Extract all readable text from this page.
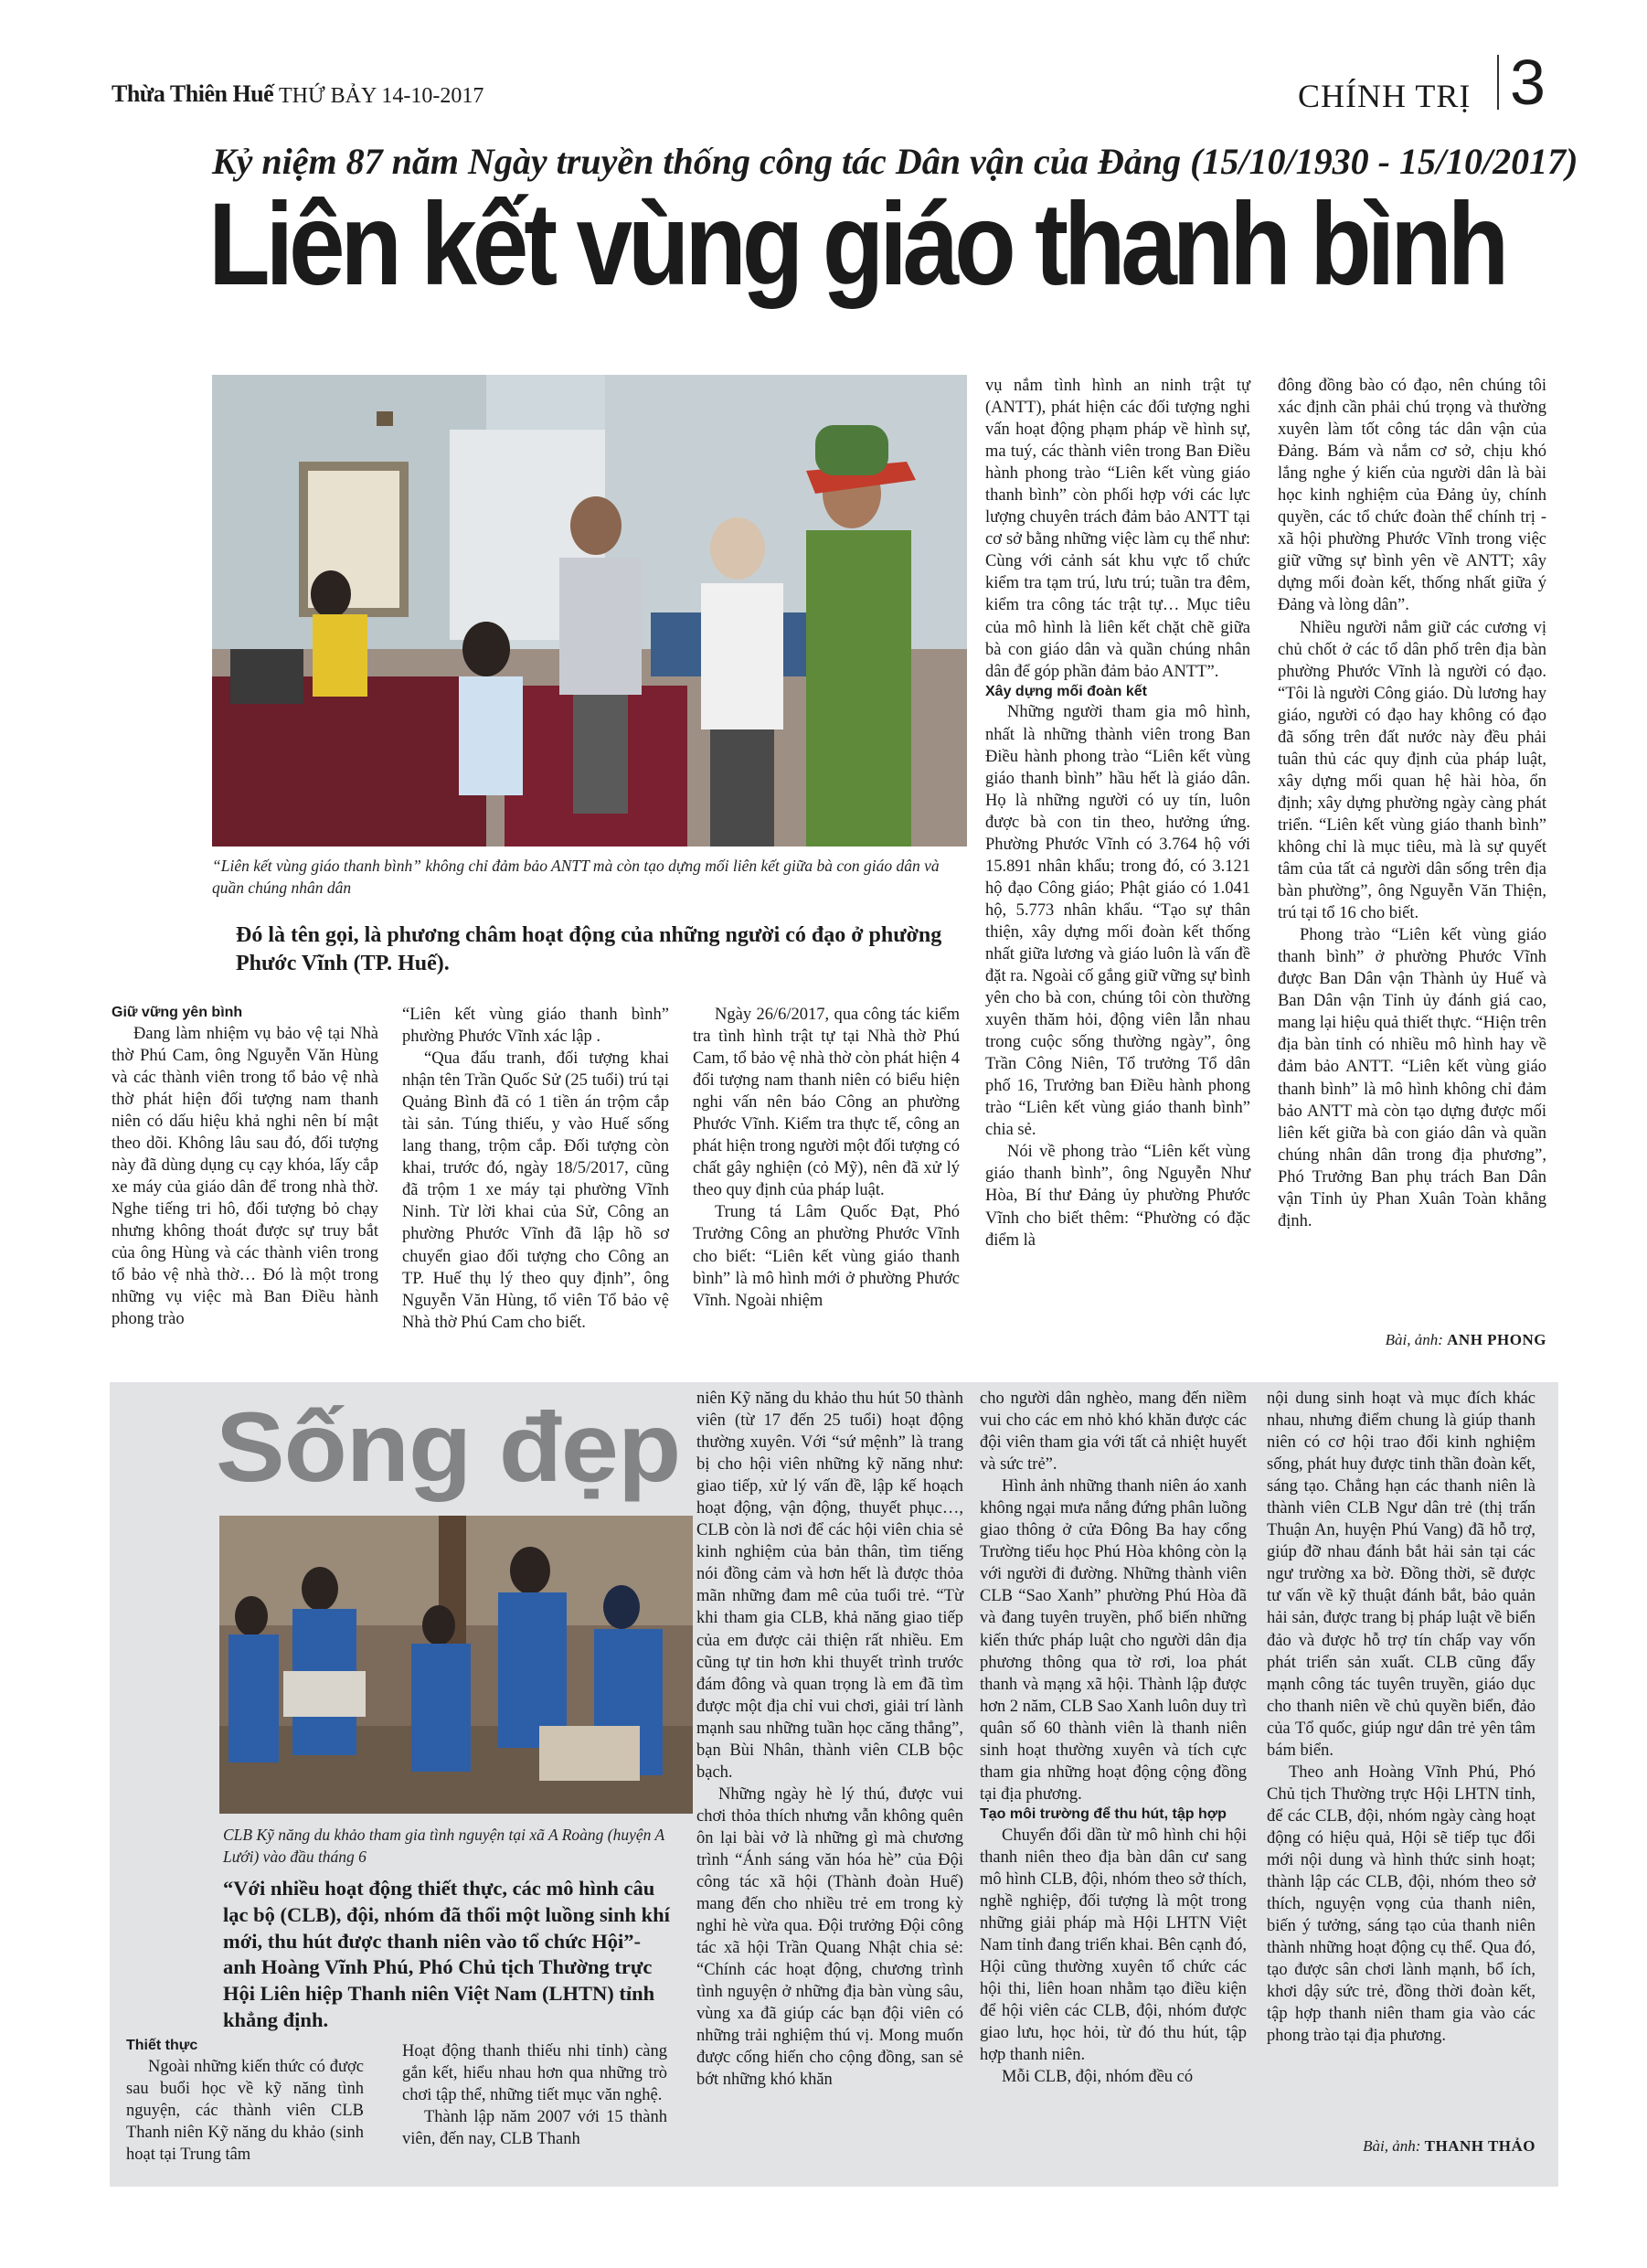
Thừa Thiên Huế THỨ BẢY 14-10-2017	CHÍNH TRỊ 3
Kỷ niệm 87 năm Ngày truyền thống công tác Dân vận của Đảng (15/10/1930 - 15/10/2017)
Liên kết vùng giáo thanh bình
“Liên kết vùng giáo thanh bình” không chỉ đảm bảo ANTT mà còn tạo dựng mối liên kết giữa bà con giáo dân và quần chúng nhân dân
Đó là tên gọi, là phương châm hoạt động của những người có đạo ở phường Phước Vĩnh (TP. Huế).

Giữ vững yên bình

Đang làm nhiệm vụ bảo vệ tại Nhà thờ Phú Cam, ông Nguyễn Văn Hùng và các thành viên trong tổ bảo vệ nhà thờ phát hiện đối tượng nam thanh niên có dấu hiệu khả nghi nên bí mật theo dõi. Không lâu sau đó, đối tượng này đã dùng dụng cụ cạy khóa, lấy cắp xe máy của giáo dân để trong nhà thờ. Nghe tiếng tri hô, đối tượng bỏ chạy nhưng không thoát được sự truy bắt của ông Hùng và các thành viên trong tổ bảo vệ nhà thờ… Đó là một trong những vụ việc mà Ban Điều hành phong trào

“Liên kết vùng giáo thanh bình” phường Phước Vĩnh xác lập .

“Qua đấu tranh, đối tượng khai nhận tên Trần Quốc Sử (25 tuổi) trú tại Quảng Bình đã có 1 tiền án trộm cắp tài sản. Túng thiếu, y vào Huế sống lang thang, trộm cắp. Đối tượng còn khai, trước đó, ngày 18/5/2017, cũng đã trộm 1 xe máy tại phường Vĩnh Ninh. Từ lời khai của Sử, Công an phường Phước Vĩnh đã lập hồ sơ chuyển giao đối tượng cho Công an TP. Huế thụ lý theo quy định”, ông Nguyễn Văn Hùng, tổ viên Tổ bảo vệ Nhà thờ Phú Cam cho biết.

Ngày 26/6/2017, qua công tác kiểm tra tình hình trật tự tại Nhà thờ Phú Cam, tổ bảo vệ nhà thờ còn phát hiện 4 đối tượng nam thanh niên có biểu hiện nghi vấn nên báo Công an phường Phước Vĩnh. Kiểm tra thực tế, công an phát hiện trong người một đối tượng có chất gây nghiện (cỏ Mỹ), nên đã xử lý theo quy định của pháp luật.

Trung tá Lâm Quốc Đạt, Phó Trưởng Công an phường Phước Vĩnh cho biết: “Liên kết vùng giáo thanh bình” là mô hình mới ở phường Phước Vĩnh. Ngoài nhiệm

vụ nắm tình hình an ninh trật tự (ANTT), phát hiện các đối tượng nghi vấn hoạt động phạm pháp về hình sự, ma tuý, các thành viên trong Ban Điều hành phong trào “Liên kết vùng giáo thanh bình” còn phối hợp với các lực lượng chuyên trách đảm bảo ANTT tại cơ sở bằng những việc làm cụ thể như: Cùng với cảnh sát khu vực tổ chức kiểm tra tạm trú, lưu trú; tuần tra đêm, kiểm tra công tác trật tự… Mục tiêu của mô hình là liên kết chặt chẽ giữa bà con giáo dân và quần chúng nhân dân để góp phần đảm bảo ANTT”.

Xây dựng mối đoàn kết

Những người tham gia mô hình, nhất là những thành viên trong Ban Điều hành phong trào “Liên kết vùng giáo thanh bình” hầu hết là giáo dân. Họ là những người có uy tín, luôn được bà con tin theo, hưởng ứng. Phường Phước Vĩnh có 3.764 hộ với 15.891 nhân khẩu; trong đó, có 3.121 hộ đạo Công giáo; Phật giáo có 1.041 hộ, 5.773 nhân khẩu. “Tạo sự thân thiện, xây dựng mối đoàn kết thống nhất giữa lương và giáo luôn là vấn đề đặt ra. Ngoài cố gắng giữ vững sự bình yên cho bà con, chúng tôi còn thường xuyên thăm hỏi, động viên lẫn nhau trong cuộc sống thường ngày”, ông Trần Công Niên, Tổ trưởng Tổ dân phố 16, Trưởng ban Điều hành phong trào “Liên kết vùng giáo thanh bình” chia sẻ.

Nói về phong trào “Liên kết vùng giáo thanh bình”, ông Nguyễn Như Hòa, Bí thư Đảng ủy phường Phước Vĩnh cho biết thêm: “Phường có đặc điểm là

đông đồng bào có đạo, nên chúng tôi xác định cần phải chú trọng và thường xuyên làm tốt công tác dân vận của Đảng. Bám và nắm cơ sở, chịu khó lắng nghe ý kiến của người dân là bài học kinh nghiệm của Đảng ủy, chính quyền, các tổ chức đoàn thể chính trị - xã hội phường Phước Vĩnh trong việc giữ vững sự bình yên về ANTT; xây dựng mối đoàn kết, thống nhất giữa ý Đảng và lòng dân”.

Nhiều người nắm giữ các cương vị chủ chốt ở các tổ dân phố trên địa bàn phường Phước Vĩnh là người có đạo. “Tôi là người Công giáo. Dù lương hay giáo, người có đạo hay không có đạo đã sống trên đất nước này đều phải tuân thủ các quy định của pháp luật, xây dựng mối quan hệ hài hòa, ổn định; xây dựng phường ngày càng phát triển. “Liên kết vùng giáo thanh bình” không chỉ là mục tiêu, mà là sự quyết tâm của tất cả người dân sống trên địa bàn phường”, ông Nguyễn Văn Thiện, trú tại tổ 16 cho biết.

Phong trào “Liên kết vùng giáo thanh bình” ở phường Phước Vĩnh được Ban Dân vận Thành ủy Huế và Ban Dân vận Tỉnh ủy đánh giá cao, mang lại hiệu quả thiết thực. “Hiện trên địa bàn tỉnh có nhiều mô hình hay về đảm bảo ANTT. “Liên kết vùng giáo thanh bình” là mô hình không chỉ đảm bảo ANTT mà còn tạo dựng được mối liên kết giữa bà con giáo dân và quần chúng nhân dân trong địa phương”, Phó Trưởng Ban phụ trách Ban Dân vận Tỉnh ủy Phan Xuân Toàn khẳng định.

Bài, ảnh: ANH PHONG
Sống đẹp
CLB Kỹ năng du khảo tham gia tình nguyện tại xã A Roàng (huyện A Lưới) vào đầu tháng 6
“Với nhiều hoạt động thiết thực, các mô hình câu lạc bộ (CLB), đội, nhóm đã thổi một luồng sinh khí mới, thu hút được thanh niên vào tổ chức Hội”- anh Hoàng Vĩnh Phú, Phó Chủ tịch Thường trực Hội Liên hiệp Thanh niên Việt Nam (LHTN) tỉnh khẳng định.

Thiết thực

Ngoài những kiến thức có được sau buổi học về kỹ năng tình nguyện, các thành viên CLB Thanh niên Kỹ năng du khảo (sinh hoạt tại Trung tâm

Hoạt động thanh thiếu nhi tỉnh) càng gắn kết, hiểu nhau hơn qua những trò chơi tập thể, những tiết mục văn nghệ.

Thành lập năm 2007 với 15 thành viên, đến nay, CLB Thanh

niên Kỹ năng du khảo thu hút 50 thành viên (từ 17 đến 25 tuổi) hoạt động thường xuyên. Với “sứ mệnh” là trang bị cho hội viên những kỹ năng như: giao tiếp, xử lý vấn đề, lập kế hoạch hoạt động, vận động, thuyết phục…, CLB còn là nơi để các hội viên chia sẻ kinh nghiệm của bản thân, tìm tiếng nói đồng cảm và hơn hết là được thỏa mãn những đam mê của tuổi trẻ. “Từ khi tham gia CLB, khả năng giao tiếp của em được cải thiện rất nhiều. Em cũng tự tin hơn khi thuyết trình trước đám đông và quan trọng là em đã tìm được một địa chỉ vui chơi, giải trí lành mạnh sau những tuần học căng thẳng”, bạn Bùi Nhân, thành viên CLB bộc bạch.

Những ngày hè lý thú, được vui chơi thỏa thích nhưng vẫn không quên ôn lại bài vở là những gì mà chương trình “Ánh sáng văn hóa hè” của Đội công tác xã hội (Thành đoàn Huế) mang đến cho nhiều trẻ em trong kỳ nghỉ hè vừa qua. Đội trưởng Đội công tác xã hội Trần Quang Nhật chia sẻ: “Chính các hoạt động, chương trình tình nguyện ở những địa bàn vùng sâu, vùng xa đã giúp các bạn đội viên có những trải nghiệm thú vị. Mong muốn được cống hiến cho cộng đồng, san sẻ bớt những khó khăn

cho người dân nghèo, mang đến niềm vui cho các em nhỏ khó khăn được các đội viên tham gia với tất cả nhiệt huyết và sức trẻ”.

Hình ảnh những thanh niên áo xanh không ngại mưa nắng đứng phân luồng giao thông ở cửa Đông Ba hay cổng Trường tiểu học Phú Hòa không còn lạ với người đi đường. Những thành viên CLB “Sao Xanh” phường Phú Hòa đã và đang tuyên truyền, phổ biến những kiến thức pháp luật cho người dân địa phương thông qua tờ rơi, loa phát thanh và mạng xã hội. Thành lập được hơn 2 năm, CLB Sao Xanh luôn duy trì quân số 60 thành viên là thanh niên sinh hoạt thường xuyên và tích cực tham gia những hoạt động cộng đồng tại địa phương.

Tạo môi trường để thu hút, tập hợp

Chuyển đổi dần từ mô hình chi hội thanh niên theo địa bàn dân cư sang mô hình CLB, đội, nhóm theo sở thích, nghề nghiệp, đối tượng là một trong những giải pháp mà Hội LHTN Việt Nam tỉnh đang triển khai. Bên cạnh đó, Hội cũng thường xuyên tổ chức các hội thi, liên hoan nhằm tạo điều kiện để hội viên các CLB, đội, nhóm được giao lưu, học hỏi, từ đó thu hút, tập hợp thanh niên.

Mỗi CLB, đội, nhóm đều có

nội dung sinh hoạt và mục đích khác nhau, nhưng điểm chung là giúp thanh niên có cơ hội trao đổi kinh nghiệm sống, phát huy được tinh thần đoàn kết, sáng tạo. Chẳng hạn các thanh niên là thành viên CLB Ngư dân trẻ (thị trấn Thuận An, huyện Phú Vang) đã hỗ trợ, giúp đỡ nhau đánh bắt hải sản tại các ngư trường xa bờ. Đồng thời, sẽ được tư vấn về kỹ thuật đánh bắt, bảo quản hải sản, được trang bị pháp luật về biển đảo và được hỗ trợ tín chấp vay vốn phát triển sản xuất. CLB cũng đẩy mạnh công tác tuyên truyền, giáo dục cho thanh niên về chủ quyền biển, đảo của Tổ quốc, giúp ngư dân trẻ yên tâm bám biển.

Theo anh Hoàng Vĩnh Phú, Phó Chủ tịch Thường trực Hội LHTN tỉnh, để các CLB, đội, nhóm ngày càng hoạt động có hiệu quả, Hội sẽ tiếp tục đổi mới nội dung và hình thức sinh hoạt; thành lập các CLB, đội, nhóm theo sở thích, nguyện vọng của thanh niên, biến ý tưởng, sáng tạo của thanh niên thành những hoạt động cụ thể. Qua đó, tạo được sân chơi lành mạnh, bổ ích, khơi dậy sức trẻ, đồng thời đoàn kết, tập hợp thanh niên tham gia vào các phong trào tại địa phương.

Bài, ảnh: THANH THẢO
